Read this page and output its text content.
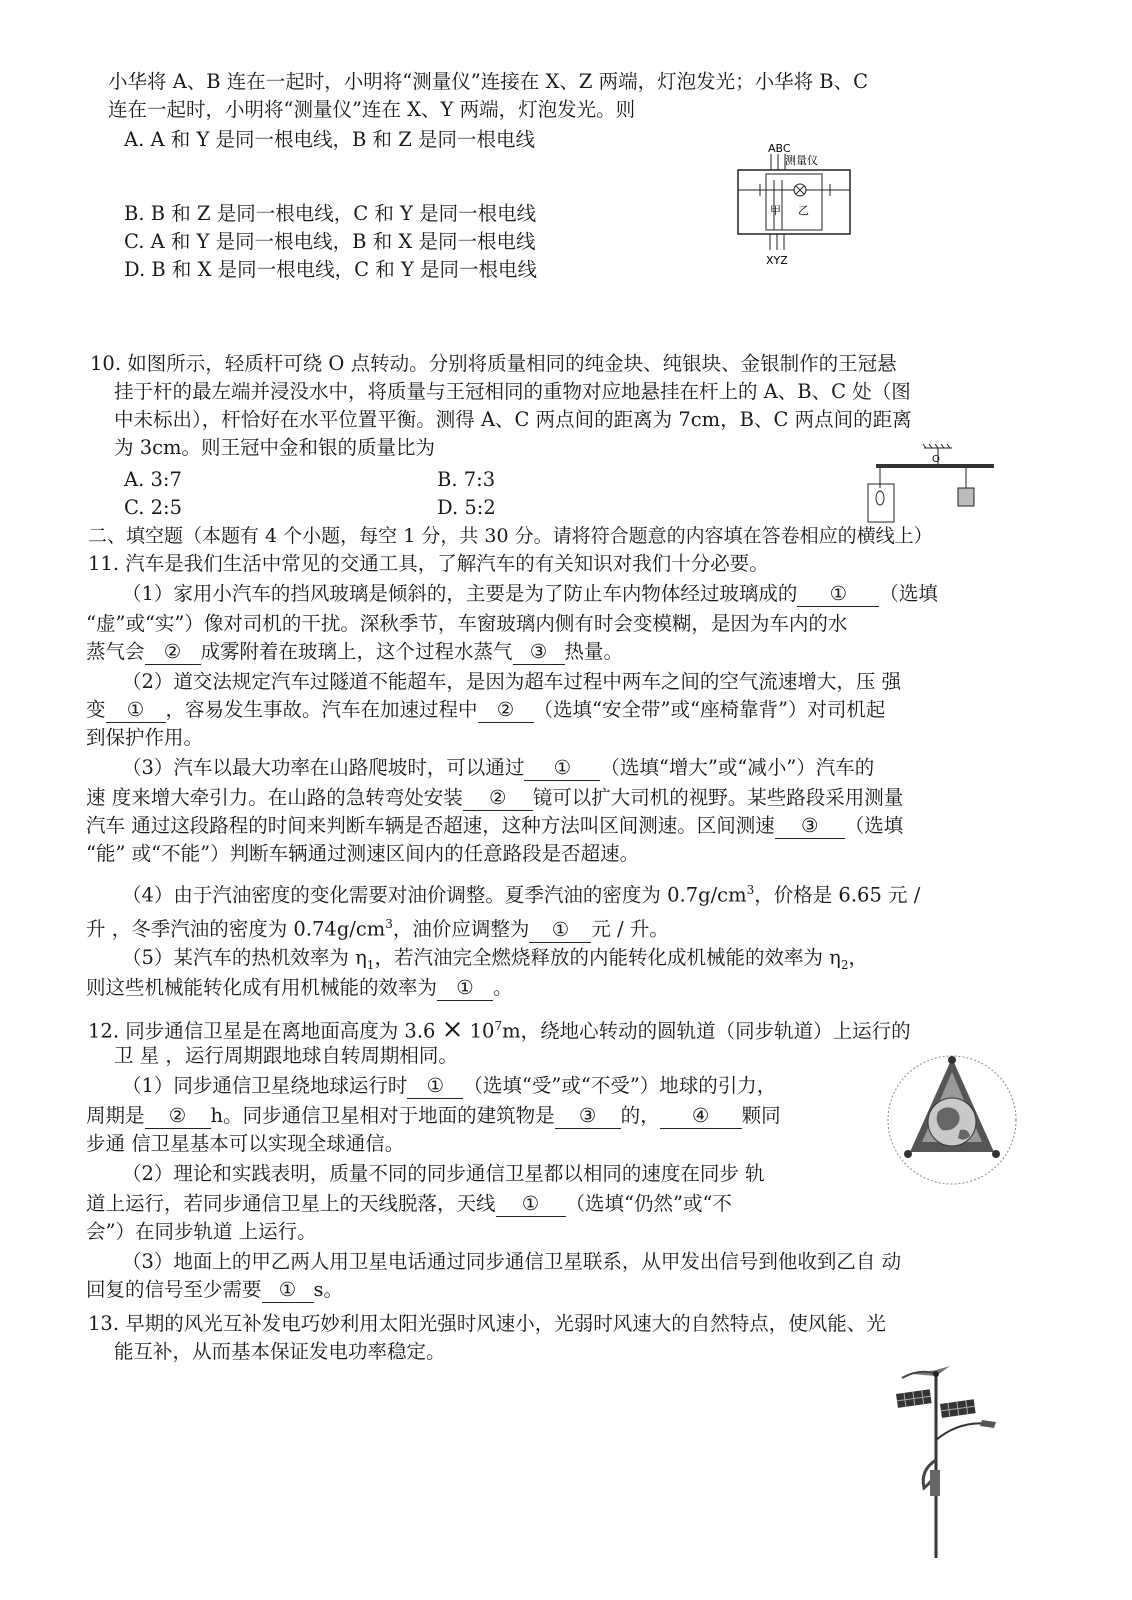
小华将 A、B 连在一起时，小明将“测量仪”连接在 X、Z 两端，灯泡发光；小华将 B、C
连在一起时，小明将“测量仪”连在 X、Y 两端，灯泡发光。则
A. A 和 Y 是同一根电线，B 和 Z 是同一根电线
B. B 和 Z 是同一根电线，C 和 Y 是同一根电线
C. A 和 Y 是同一根电线，B 和 X 是同一根电线
D. B 和 X 是同一根电线，C 和 Y 是同一根电线
ABC
测量仪
甲 乙
XYZ
10. 如图所示，轻质杆可绕 O 点转动。分别将质量相同的纯金块、纯银块、金银制作的王冠悬
挂于杆的最左端并浸没水中，将质量与王冠相同的重物对应地悬挂在杆上的 A、B、C 处（图
中未标出），杆恰好在水平位置平衡。测得 A、C 两点间的距离为 7cm，B、C 两点间的距离
为 3cm。则王冠中金和银的质量比为
A. 3:7	B. 7:3
C. 2:5	D. 5:2
O
二、填空题（本题有 4 个小题，每空 1 分，共 30 分。请将符合题意的内容填在答卷相应的横线上）
11. 汽车是我们生活中常见的交通工具，了解汽车的有关知识对我们十分必要。
（1）家用小汽车的挡风玻璃是倾斜的，主要是为了防止车内物体经过玻璃成的 ① （选填
“虚”或“实”）像对司机的干扰。深秋季节，车窗玻璃内侧有时会变模糊，是因为车内的水
蒸气会 ② 成雾附着在玻璃上，这个过程水蒸气 ③ 热量。
（2）道交法规定汽车过隧道不能超车，是因为超车过程中两车之间的空气流速增大，压 强
变 ① ，容易发生事故。汽车在加速过程中 ② （选填“安全带”或“座椅靠背”）对司机起
到保护作用。
（3）汽车以最大功率在山路爬坡时，可以通过 ① （选填“增大”或“减小”）汽车的
速 度来增大牵引力。在山路的急转弯处安装 ② 镜可以扩大司机的视野。某些路段采用测量
汽车 通过这段路程的时间来判断车辆是否超速，这种方法叫区间测速。区间测速 ③ （选填
“能” 或“不能”）判断车辆通过测速区间内的任意路段是否超速。
（4）由于汽油密度的变化需要对油价调整。夏季汽油的密度为 $0.7g/cm^3$，价格是 6.65 元 /
升 ，冬季汽油的密度为 $0.74g/cm^3$，油价应调整为 ① 元 / 升。
（5）某汽车的热机效率为 $\eta_1$，若汽油完全燃烧释放的内能转化成机械能的效率为 $\eta_2$，
则这些机械能转化成有用机械能的效率为 ① 。
12. 同步通信卫星是在离地面高度为 $3.6 \times 10^7m$，绕地心转动的圆轨道（同步轨道）上运行的
卫 星 ，运行周期跟地球自转周期相同。
（1）同步通信卫星绕地球运行时 ① （选填“受”或“不受”）地球的引力，
周期是 ② h。同步通信卫星相对于地面的建筑物是 ③ 的， ④ 颗同
步通 信卫星基本可以实现全球通信。
（2）理论和实践表明，质量不同的同步通信卫星都以相同的速度在同步 轨
道上运行，若同步通信卫星上的天线脱落，天线 ① （选填“仍然”或“不
会”）在同步轨道 上运行。
（3）地面上的甲乙两人用卫星电话通过同步通信卫星联系，从甲发出信号到他收到乙自 动
回复的信号至少需要 ① s。
13. 早期的风光互补发电巧妙利用太阳光强时风速小，光弱时风速大的自然特点，使风能、光
能互补，从而基本保证发电功率稳定。
